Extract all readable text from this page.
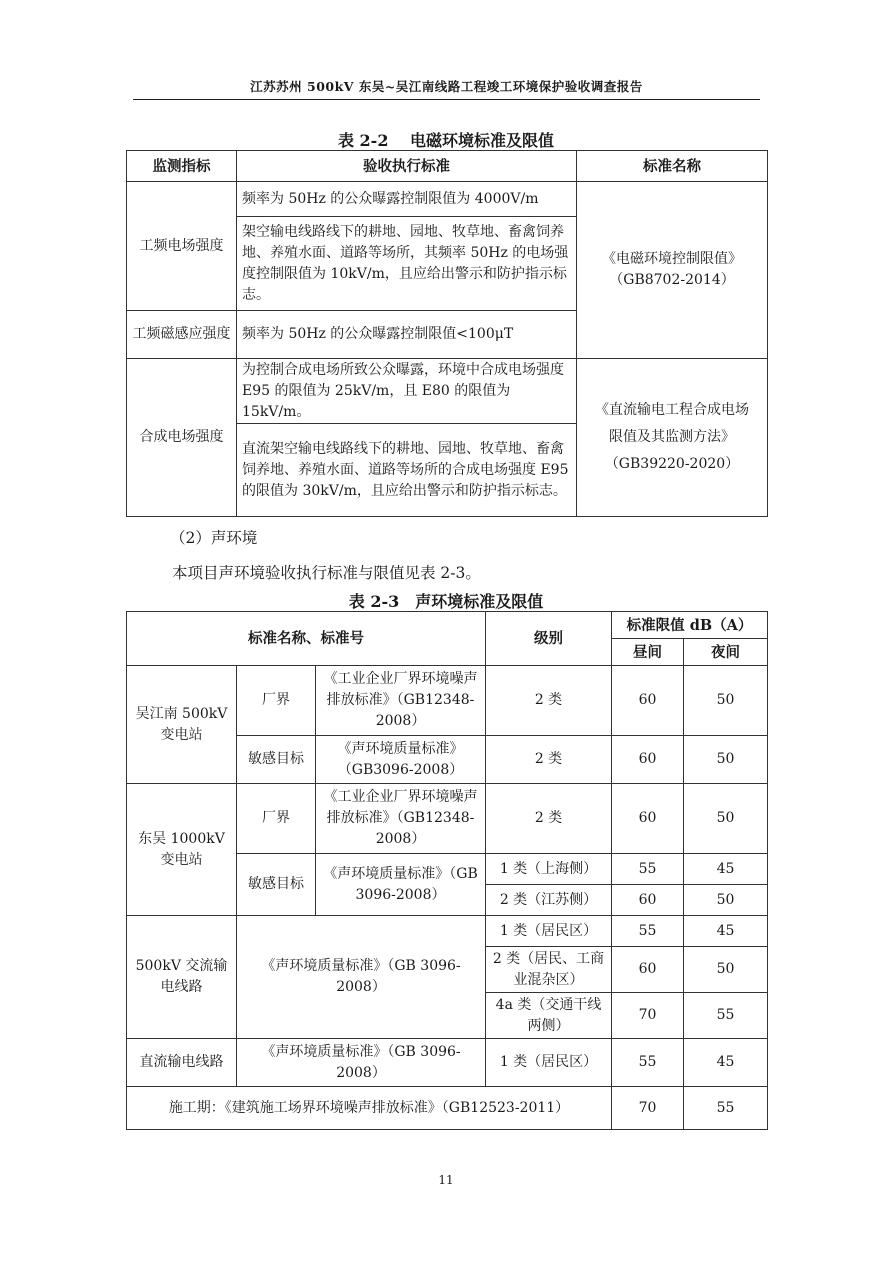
江苏苏州 500kV 东吴~吴江南线路工程竣工环境保护验收调查报告
表 2-2　 电磁环境标准及限值
监测指标	验收执行标准	标准名称
工频电场强度	频率为 50Hz 的公众曝露控制限值为 4000V/m	《电磁环境控制限值》（GB8702-2014）
	架空输电线路线下的耕地、园地、牧草地、畜禽饲养地、养殖水面、道路等场所，其频率 50Hz 的电场强度控制限值为 10kV/m，且应给出警示和防护指示标志。	
工频磁感应强度	频率为 50Hz 的公众曝露控制限值<100μT	
合成电场强度	为控制合成电场所致公众曝露，环境中合成电场强度 E95 的限值为 25kV/m，且 E80 的限值为 15kV/m。	《直流输电工程合成电场
限值及其监测方法》
（GB39220-2020）

	直流架空输电线路线下的耕地、园地、牧草地、畜禽饲养地、养殖水面、道路等场所的合成电场强度 E95 的限值为 30kV/m，且应给出警示和防护指示标志。	
（2）声环境
本项目声环境验收执行标准与限值见表 2-3。
表 2-3　声环境标准及限值
标准名称、标准号			级别	标准限值 dB（A）	
				昼间	夜间
吴江南 500kV 变电站	厂界	《工业企业厂界环境噪声排放标准》（GB12348-2008）	2 类	60	50
	敏感目标	《声环境质量标准》（GB3096-2008）	2 类	60	50
东吴 1000kV 变电站	厂界	《工业企业厂界环境噪声排放标准》（GB12348-2008）	2 类	60	50
	敏感目标	《声环境质量标准》（GB 3096-2008）	1 类（上海侧）	55	45
			2 类（江苏侧）	60	50
500kV 交流输电线路	《声环境质量标准》（GB 3096-2008）		1 类（居民区）	55	45
			2 类（居民、工商业混杂区）	60	50
			4a 类（交通干线两侧）	70	55
直流输电线路	《声环境质量标准》（GB 3096-2008）		1 类（居民区）	55	45
施工期：《建筑施工场界环境噪声排放标准》（GB12523-2011）				70	55
11
